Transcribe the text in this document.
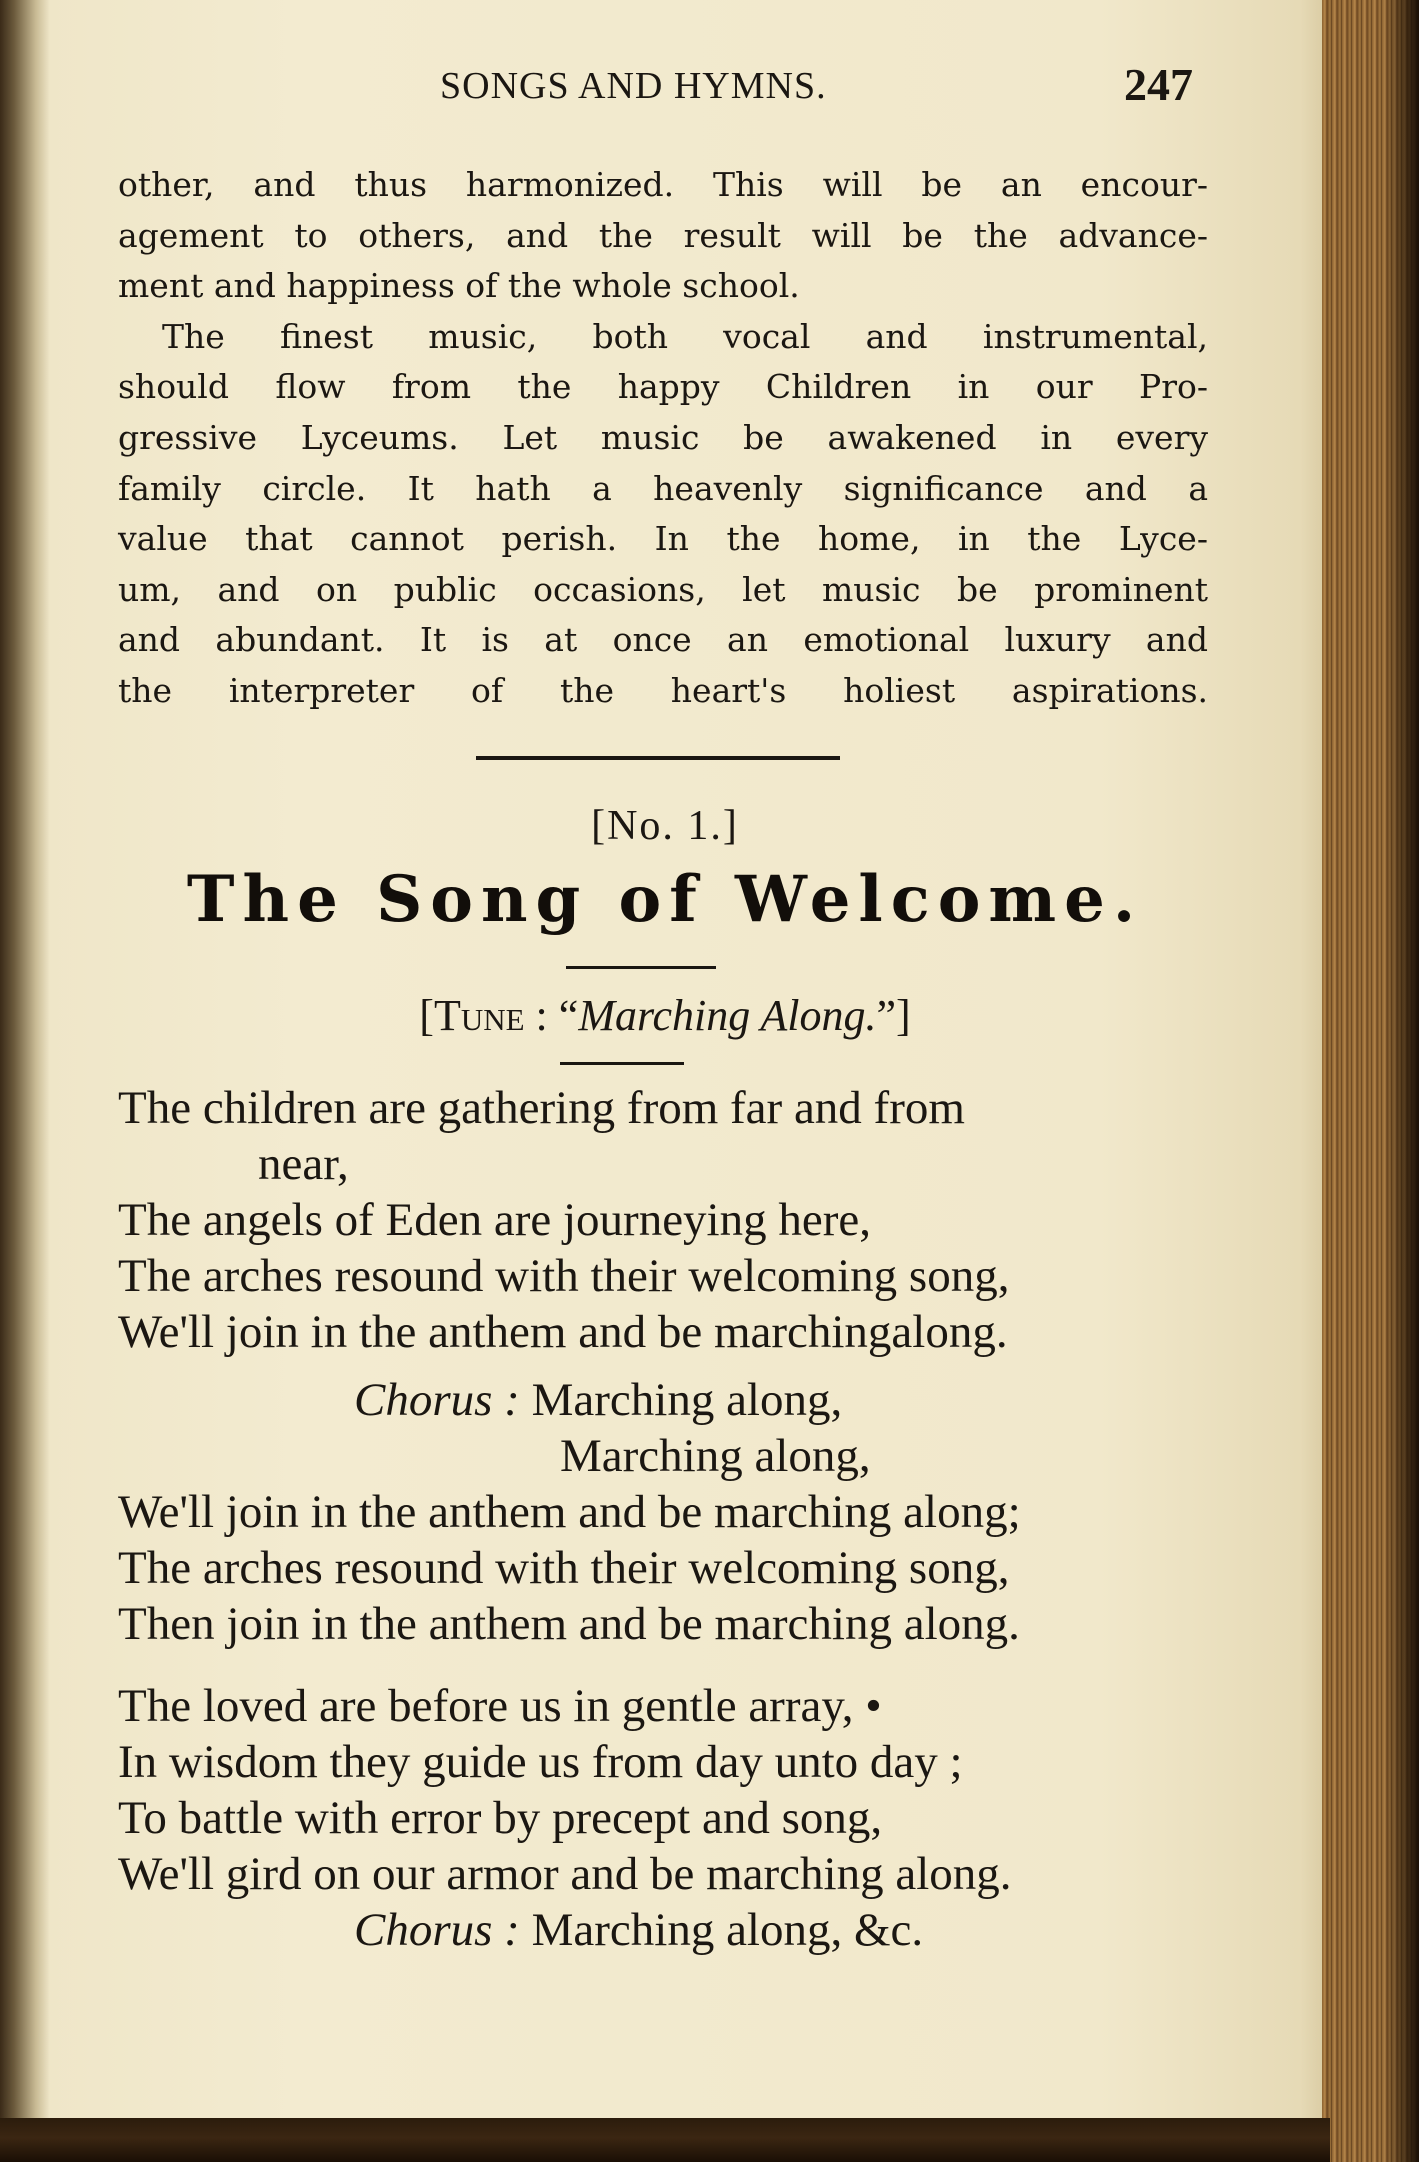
SONGS AND HYMNS.	247
other, and thus harmonized. This will be an encour-
agement to others, and the result will be the advance-
ment and happiness of the whole school.
The finest music, both vocal and instrumental,
should flow from the happy Children in our Pro-
gressive Lyceums. Let music be awakened in every
family circle. It hath a heavenly significance and a
value that cannot perish. In the home, in the Lyce-
um, and on public occasions, let music be prominent
and abundant. It is at once an emotional luxury and
the interpreter of the heart's holiest aspirations.
[No. 1.]
The Song of Welcome.
[Tune : “Marching Along.”]
The children are gathering from far and from
near,
The angels of Eden are journeying here,
The arches resound with their welcoming song,
We'll join in the anthem and be marchingalong.
Chorus : Marching along,
Marching along,
We'll join in the anthem and be marching along;
The arches resound with their welcoming song,
Then join in the anthem and be marching along.
The loved are before us in gentle array, •
In wisdom they guide us from day unto day ;
To battle with error by precept and song,
We'll gird on our armor and be marching along.
Chorus : Marching along, &c.
